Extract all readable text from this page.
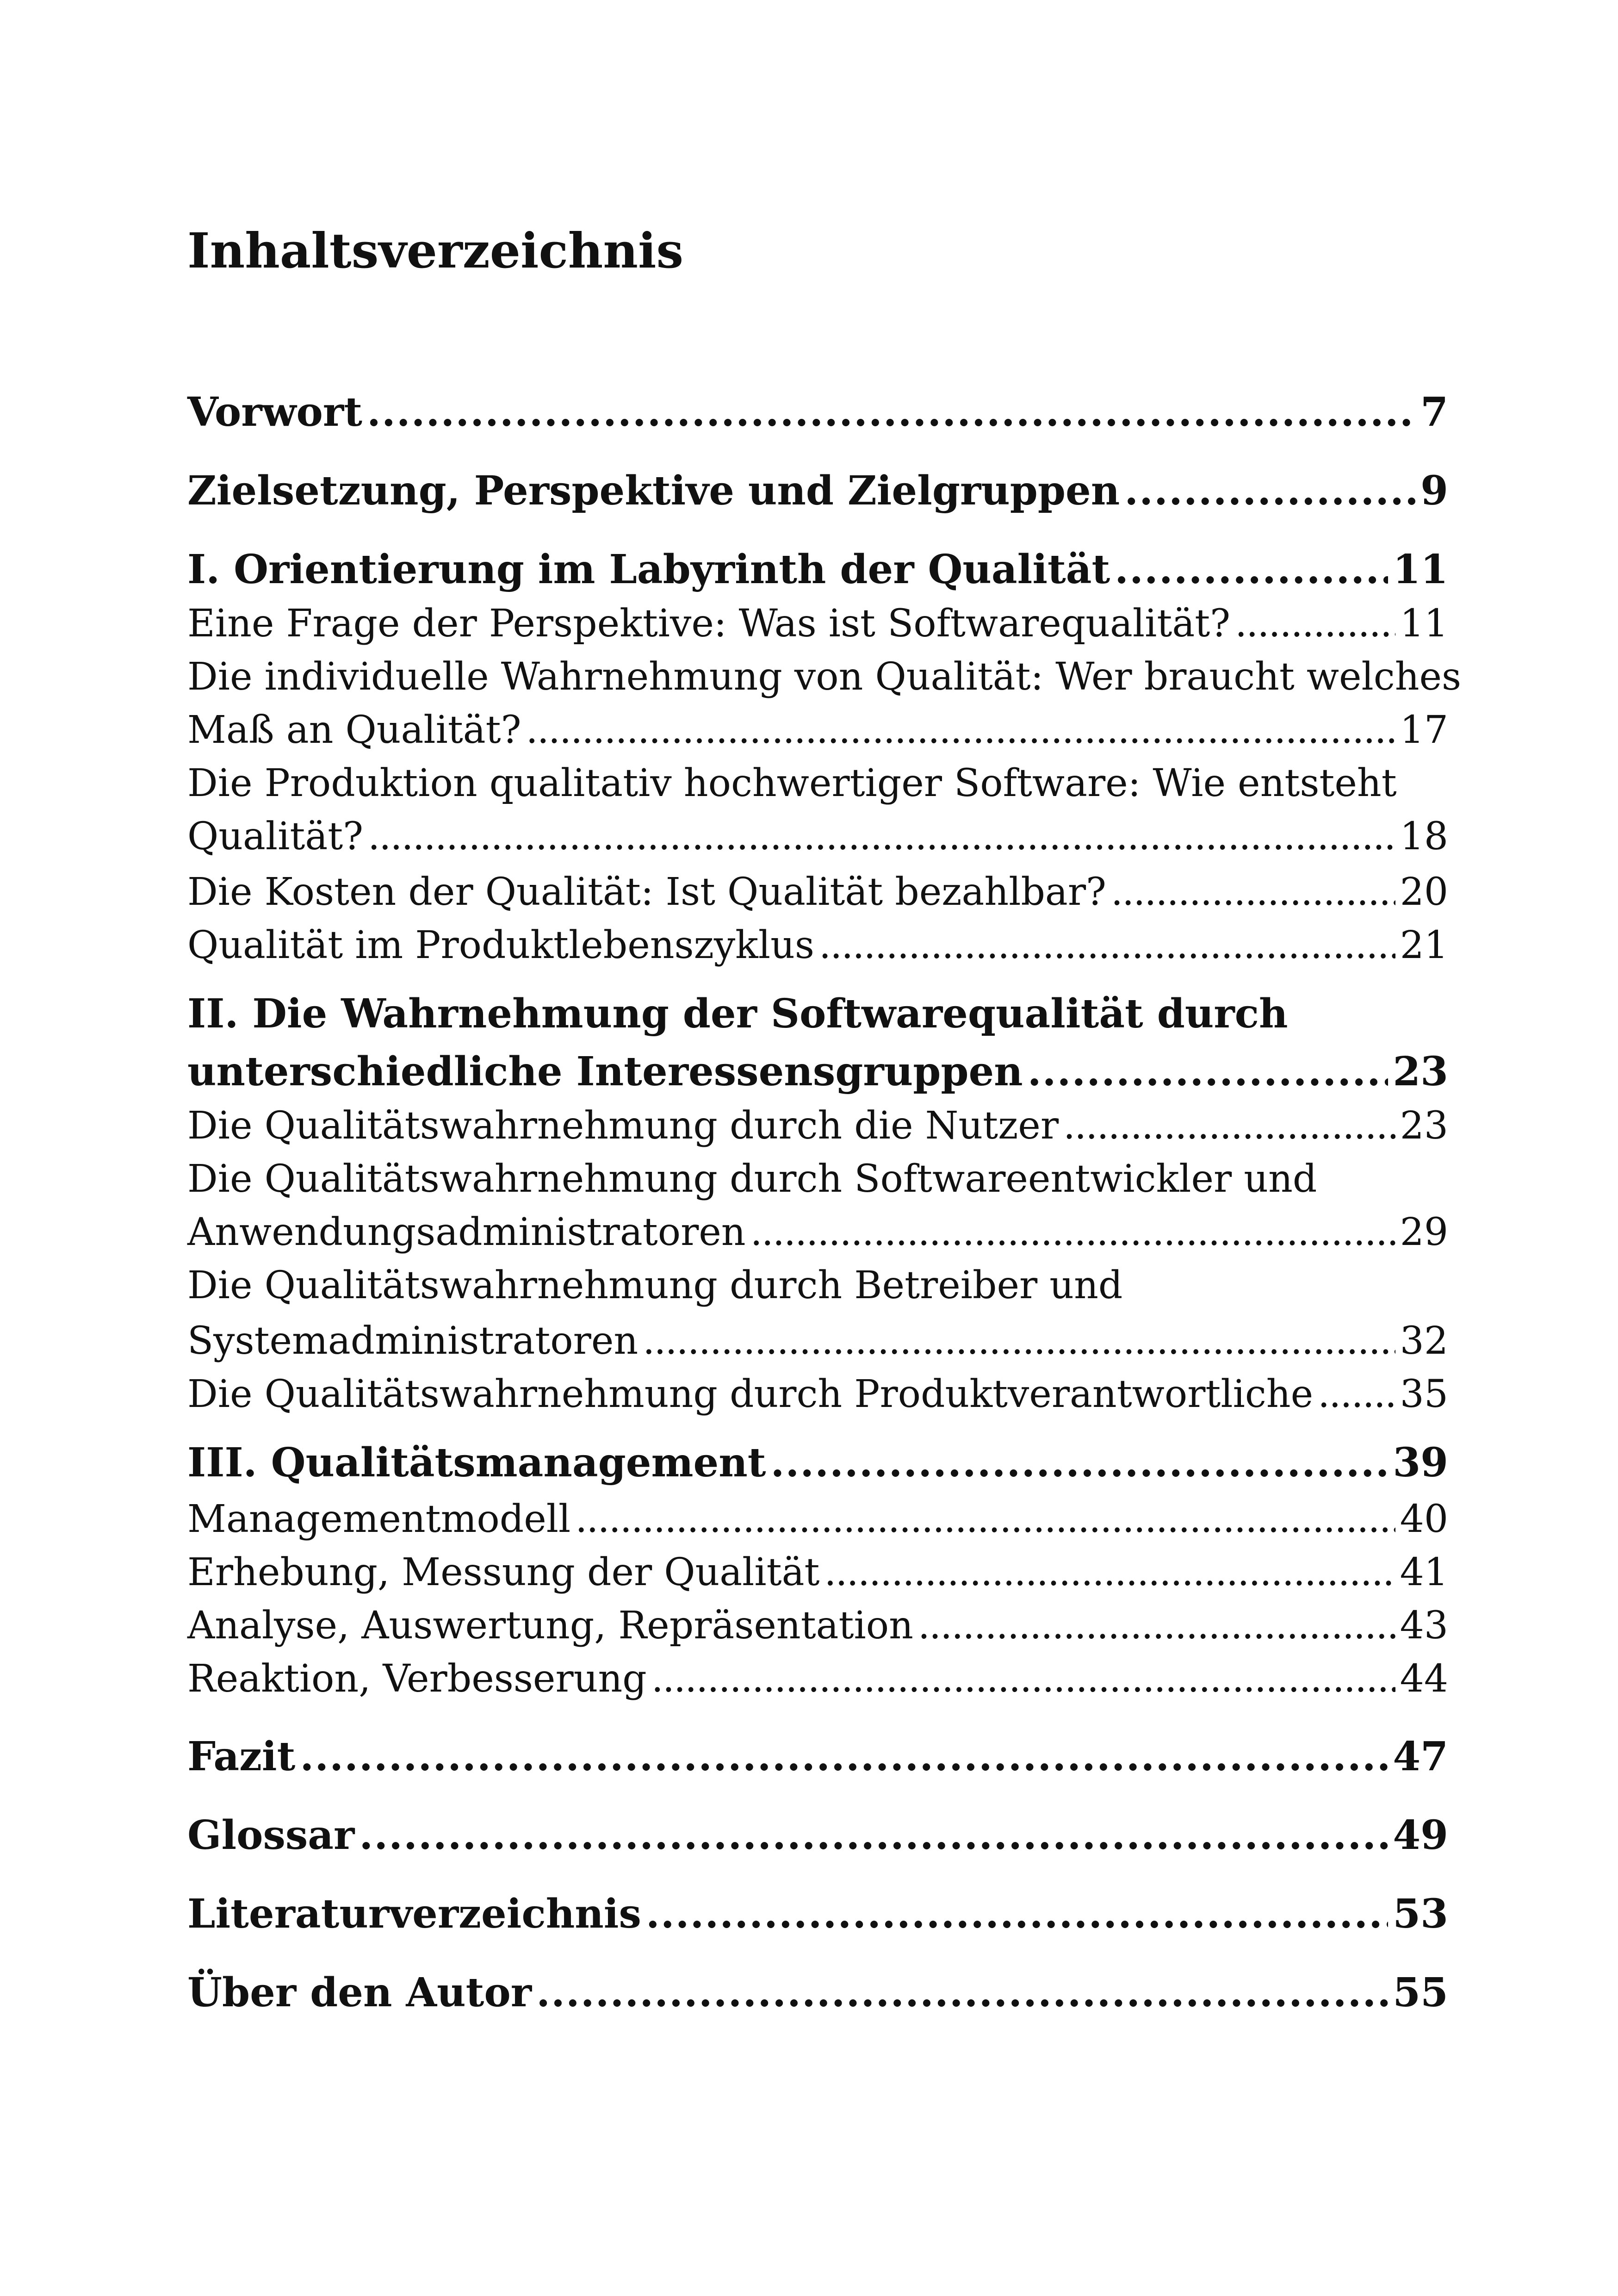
Inhaltsverzeichnis
Vorwort . . .	7
Zielsetzung, Perspektive und Zielgruppen . . .	9
I. Orientierung im Labyrinth der Qualität . . .	11
Eine Frage der Perspektive: Was ist Softwarequalität? . . .	11
Die individuelle Wahrnehmung von Qualität: Wer braucht welches
Maß an Qualität? . . .	17
Die Produktion qualitativ hochwertiger Software: Wie entsteht
Qualität? . . .	18
Die Kosten der Qualität: Ist Qualität bezahlbar? . . .	20
Qualität im Produktlebenszyklus . . .	21
II. Die Wahrnehmung der Softwarequalität durch
unterschiedliche Interessensgruppen . . .	23
Die Qualitätswahrnehmung durch die Nutzer . . .	23
Die Qualitätswahrnehmung durch Softwareentwickler und
Anwendungsadministratoren . . .	29
Die Qualitätswahrnehmung durch Betreiber und
Systemadministratoren . . .	32
Die Qualitätswahrnehmung durch Produktverantwortliche . . . 35
III. Qualitätsmanagement . . .	39
Managementmodell . . .	40
Erhebung, Messung der Qualität . . .	41
Analyse, Auswertung, Repräsentation . . .	43
Reaktion, Verbesserung . . .	44
Fazit . . .	47
Glossar . . .	49
Literaturverzeichnis . . .	53
Über den Autor . . .	55
